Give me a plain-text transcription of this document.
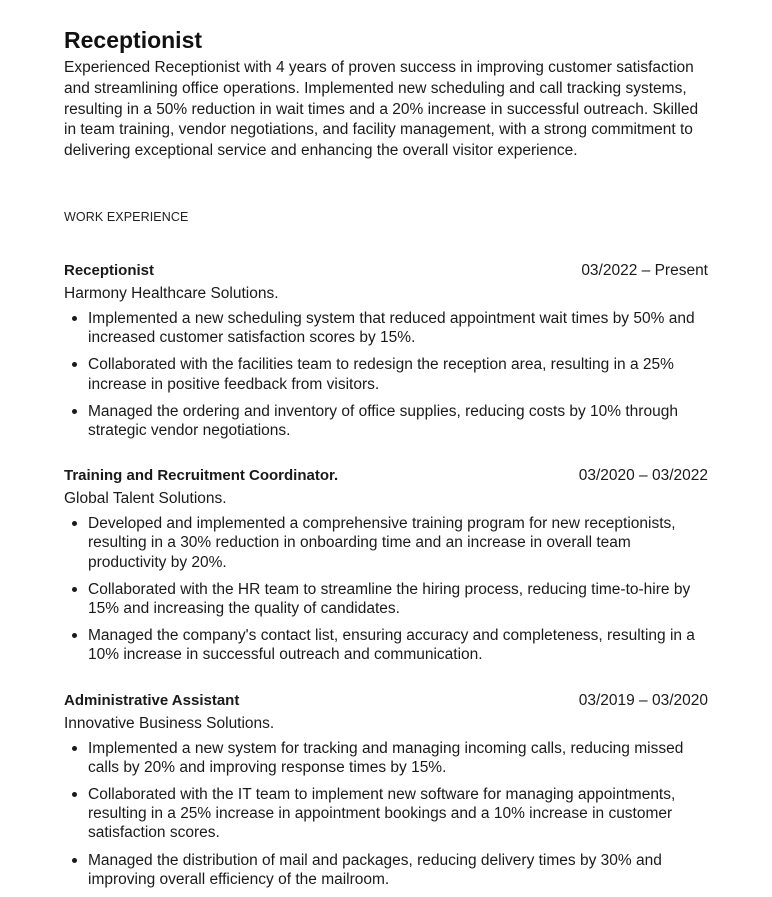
Receptionist

Experienced Receptionist with 4 years of proven success in improving customer satisfaction and streamlining office operations. Implemented new scheduling and call tracking systems, resulting in a 50% reduction in wait times and a 20% increase in successful outreach. Skilled in team training, vendor negotiations, and facility management, with a strong commitment to delivering exceptional service and enhancing the overall visitor experience.

WORK EXPERIENCE
Receptionist	03/2022 – Present
Harmony Healthcare Solutions.
Implemented a new scheduling system that reduced appointment wait times by 50% and increased customer satisfaction scores by 15%.
Collaborated with the facilities team to redesign the reception area, resulting in a 25% increase in positive feedback from visitors.
Managed the ordering and inventory of office supplies, reducing costs by 10% through strategic vendor negotiations.
Training and Recruitment Coordinator.	03/2020 – 03/2022
Global Talent Solutions.
Developed and implemented a comprehensive training program for new receptionists, resulting in a 30% reduction in onboarding time and an increase in overall team productivity by 20%.
Collaborated with the HR team to streamline the hiring process, reducing time-to-hire by 15% and increasing the quality of candidates.
Managed the company's contact list, ensuring accuracy and completeness, resulting in a 10% increase in successful outreach and communication.
Administrative Assistant	03/2019 – 03/2020
Innovative Business Solutions.
Implemented a new system for tracking and managing incoming calls, reducing missed calls by 20% and improving response times by 15%.
Collaborated with the IT team to implement new software for managing appointments, resulting in a 25% increase in appointment bookings and a 10% increase in customer satisfaction scores.
Managed the distribution of mail and packages, reducing delivery times by 30% and improving overall efficiency of the mailroom.
